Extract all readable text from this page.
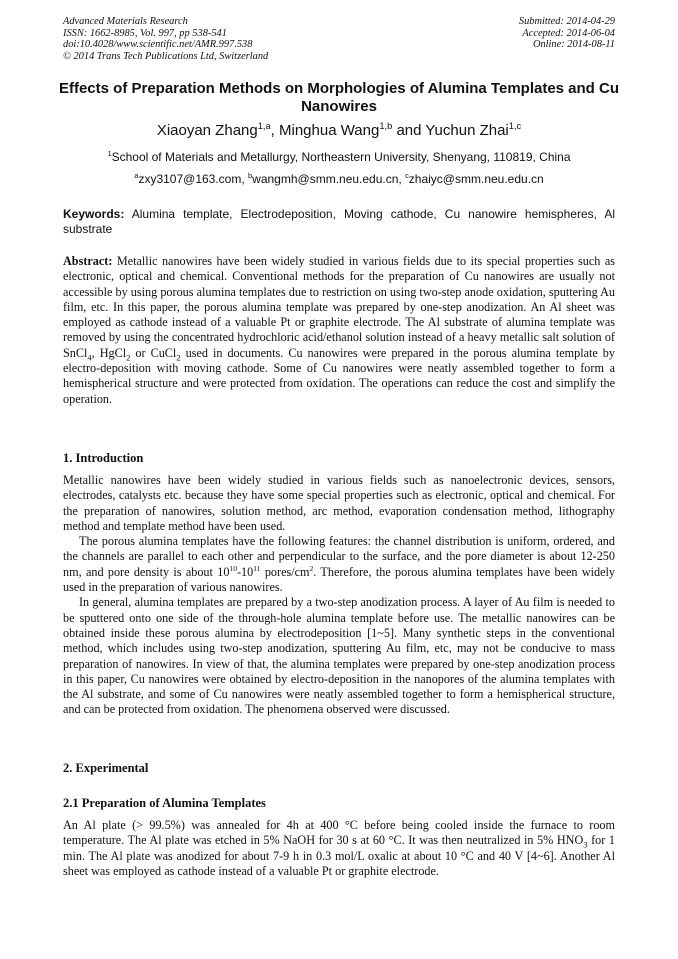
Advanced Materials Research
ISSN: 1662-8985, Vol. 997, pp 538-541
doi:10.4028/www.scientific.net/AMR.997.538
© 2014 Trans Tech Publications Ltd, Switzerland
Submitted: 2014-04-29
Accepted: 2014-06-04
Online: 2014-08-11
Effects of Preparation Methods on Morphologies of Alumina Templates and Cu Nanowires
Xiaoyan Zhang$^{1,a}$, Minghua Wang$^{1,b}$ and Yuchun Zhai$^{1,c}$
$^1$School of Materials and Metallurgy, Northeastern University, Shenyang, 110819, China
$^a$zxy3107@163.com, $^b$wangmh@smm.neu.edu.cn, $^c$zhaiyc@smm.neu.edu.cn
Keywords: Alumina template, Electrodeposition, Moving cathode, Cu nanowire hemispheres, Al substrate
Abstract: Metallic nanowires have been widely studied in various fields due to its special properties such as electronic, optical and chemical. Conventional methods for the preparation of Cu nanowires are usually not accessible by using porous alumina templates due to restriction on using two-step anode oxidation, sputtering Au film, etc. In this paper, the porous alumina template was prepared by one-step anodization. An Al sheet was employed as cathode instead of a valuable Pt or graphite electrode. The Al substrate of alumina template was removed by using the concentrated hydrochloric acid/ethanol solution instead of a heavy metallic salt solution of SnCl$_4$, HgCl$_2$ or CuCl$_2$ used in documents. Cu nanowires were prepared in the porous alumina template by electro-deposition with moving cathode. Some of Cu nanowires were neatly assembled together to form a hemispherical structure and were protected from oxidation. The operations can reduce the cost and simplify the operation.
1. Introduction

Metallic nanowires have been widely studied in various fields such as nanoelectronic devices, sensors, electrodes, catalysts etc. because they have some special properties such as electronic, optical and chemical. For the preparation of nanowires, solution method, arc method, evaporation condensation method, lithography method and template method have been used.

The porous alumina templates have the following features: the channel distribution is uniform, ordered, and the channels are parallel to each other and perpendicular to the surface, and the pore diameter is about 12-250 nm, and pore density is about $10^{10}-10^{11}$ pores/$cm^2$. Therefore, the porous alumina templates have been widely used in the preparation of various nanowires.

In general, alumina templates are prepared by a two-step anodization process. A layer of Au film is needed to be sputtered onto one side of the through-hole alumina template before use. The metallic nanowires can be obtained inside these porous alumina by electrodeposition [1~5]. Many synthetic steps in the conventional method, which includes using two-step anodization, sputtering Au film, etc, may not be conducive to mass preparation of nanowires. In view of that, the alumina templates were prepared by one-step anodization process in this paper, Cu nanowires were obtained by electro-deposition in the nanopores of the alumina templates with the Al substrate, and some of Cu nanowires were neatly assembled together to form a hemispherical structure, and can be protected from oxidation. The phenomena observed were discussed.

2. Experimental
2.1 Preparation of Alumina Templates

An Al plate (> 99.5%) was annealed for 4h at 400 °C before being cooled inside the furnace to room temperature. The Al plate was etched in 5% NaOH for 30 s at 60 °C. It was then neutralized in 5% $HNO_3$ for 1 min. The Al plate was anodized for about 7-9 h in 0.3 mol/L oxalic at about 10 °C and 40 V [4~6]. Another Al sheet was employed as cathode instead of a valuable Pt or graphite electrode.
